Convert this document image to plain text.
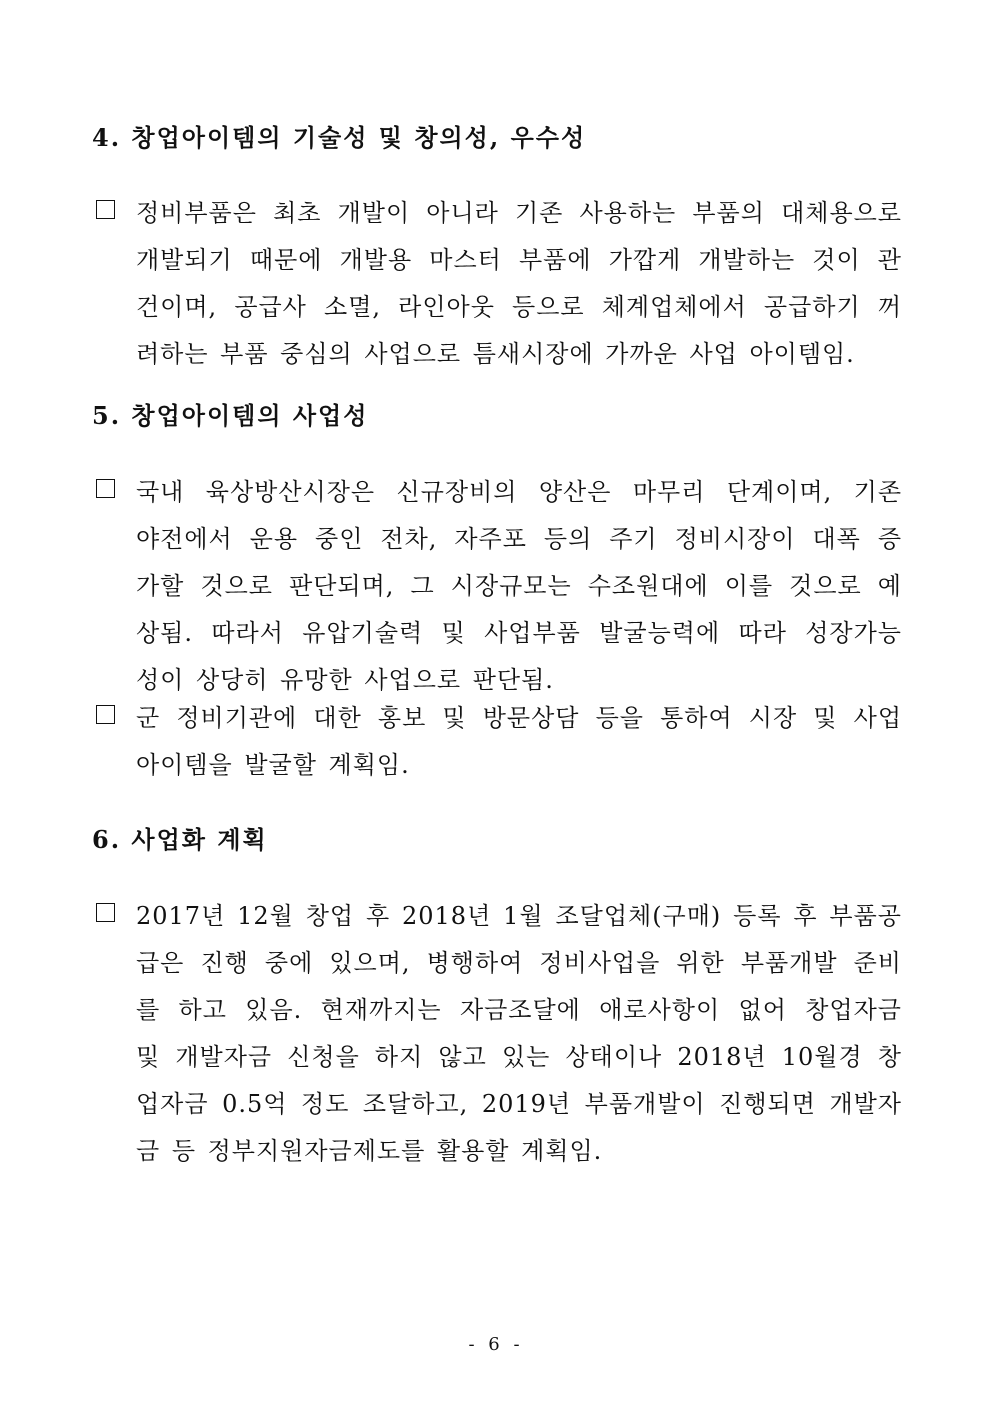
4. 창업아이템의 기술성 및 창의성, 우수성

정비부품은 최초 개발이 아니라 기존 사용하는 부품의 대체용으로
개발되기 때문에 개발용 마스터 부품에 가깝게 개발하는 것이 관
건이며, 공급사 소멸, 라인아웃 등으로 체계업체에서 공급하기 꺼
려하는 부품 중심의 사업으로 틈새시장에 가까운 사업 아이템임.

5. 창업아이템의 사업성

국내 육상방산시장은 신규장비의 양산은 마무리 단계이며, 기존
야전에서 운용 중인 전차, 자주포 등의 주기 정비시장이 대폭 증
가할 것으로 판단되며, 그 시장규모는 수조원대에 이를 것으로 예
상됨. 따라서 유압기술력 및 사업부품 발굴능력에 따라 성장가능
성이 상당히 유망한 사업으로 판단됨.

군 정비기관에 대한 홍보 및 방문상담 등을 통하여 시장 및 사업
아이템을 발굴할 계획임.

6. 사업화 계획

2017년 12월 창업 후 2018년 1월 조달업체(구매) 등록 후 부품공
급은 진행 중에 있으며, 병행하여 정비사업을 위한 부품개발 준비
를 하고 있음. 현재까지는 자금조달에 애로사항이 없어 창업자금
및 개발자금 신청을 하지 않고 있는 상태이나 2018년 10월경 창
업자금 0.5억 정도 조달하고, 2019년 부품개발이 진행되면 개발자
금 등 정부지원자금제도를 활용할 계획임.

- 6 -
